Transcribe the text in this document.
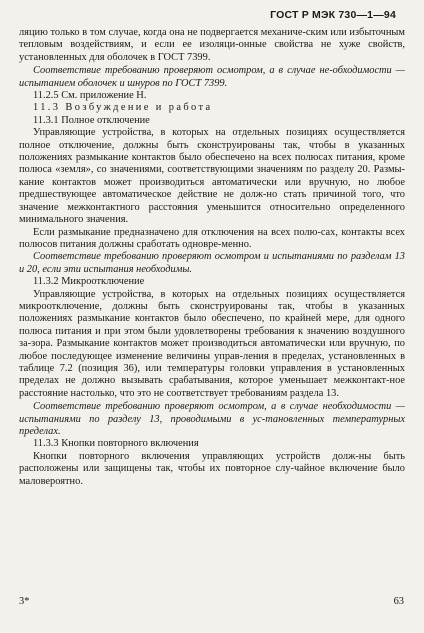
ГОСТ Р МЭК 730—1—94

ляцию только в том случае, когда она не подвергается механиче-ским или избыточным тепловым воздействиям, и если ее изоляци-онные свойства не хуже свойств, установленных для оболочек в ГОСТ 7399.

Соответствие требованию проверяют осмотром, а в случае не-обходимости — испытанием оболочек и шнуров по ГОСТ 7399.

11.2.5 См. приложение Н.

11.3 Возбуждение и работа

11.3.1 Полное отключение

Управляющие устройства, в которых на отдельных позициях осуществляется полное отключение, должны быть сконструированы так, чтобы в указанных положениях размыкание контактов было обеспечено на всех полюсах питания, кроме полюса «земля», со значениями, соответствующими значениям по разделу 20. Размы-кание контактов может производиться автоматически или вручную, но любое предшествующее автоматическое действие не долж-но стать причиной того, что значение межконтактного расстояния уменьшится относительно определенного минимального значения.

Если размыкание предназначено для отключения на всех полю-сах, контакты всех полюсов питания должны сработать одновре-менно.

Соответствие требованию проверяют осмотром и испытаниями по разделам 13 и 20, если эти испытания необходимы.

11.3.2 Микроотключение

Управляющие устройства, в которых на отдельных позициях осуществляется микроотключение, должны быть сконструированы так, чтобы в указанных положениях размыкание контактов было обеспечено, по крайней мере, для одного полюса питания и при этом были удовлетворены требования к значению воздушного за-зора. Размыкание контактов может производиться автоматически или вручную, по любое последующее изменение величины управ-ления в пределах, установленных в таблице 7.2 (позиция 36), или температуры головки управления в установленных пределах не должно вызывать срабатывания, которое уменьшает межконтакт-ное расстояние настолько, что это не соответствует требованиям раздела 13.

Соответствие требованию проверяют осмотром, а в случае необходимости — испытаниями по разделу 13, проводимыми в ус-тановленных температурных пределах.

11.3.3 Кнопки повторного включения

Кнопки повторного включения управляющих устройств долж-ны быть расположены или защищены так, чтобы их повторное слу-чайное включение было маловероятно.

3*	63
